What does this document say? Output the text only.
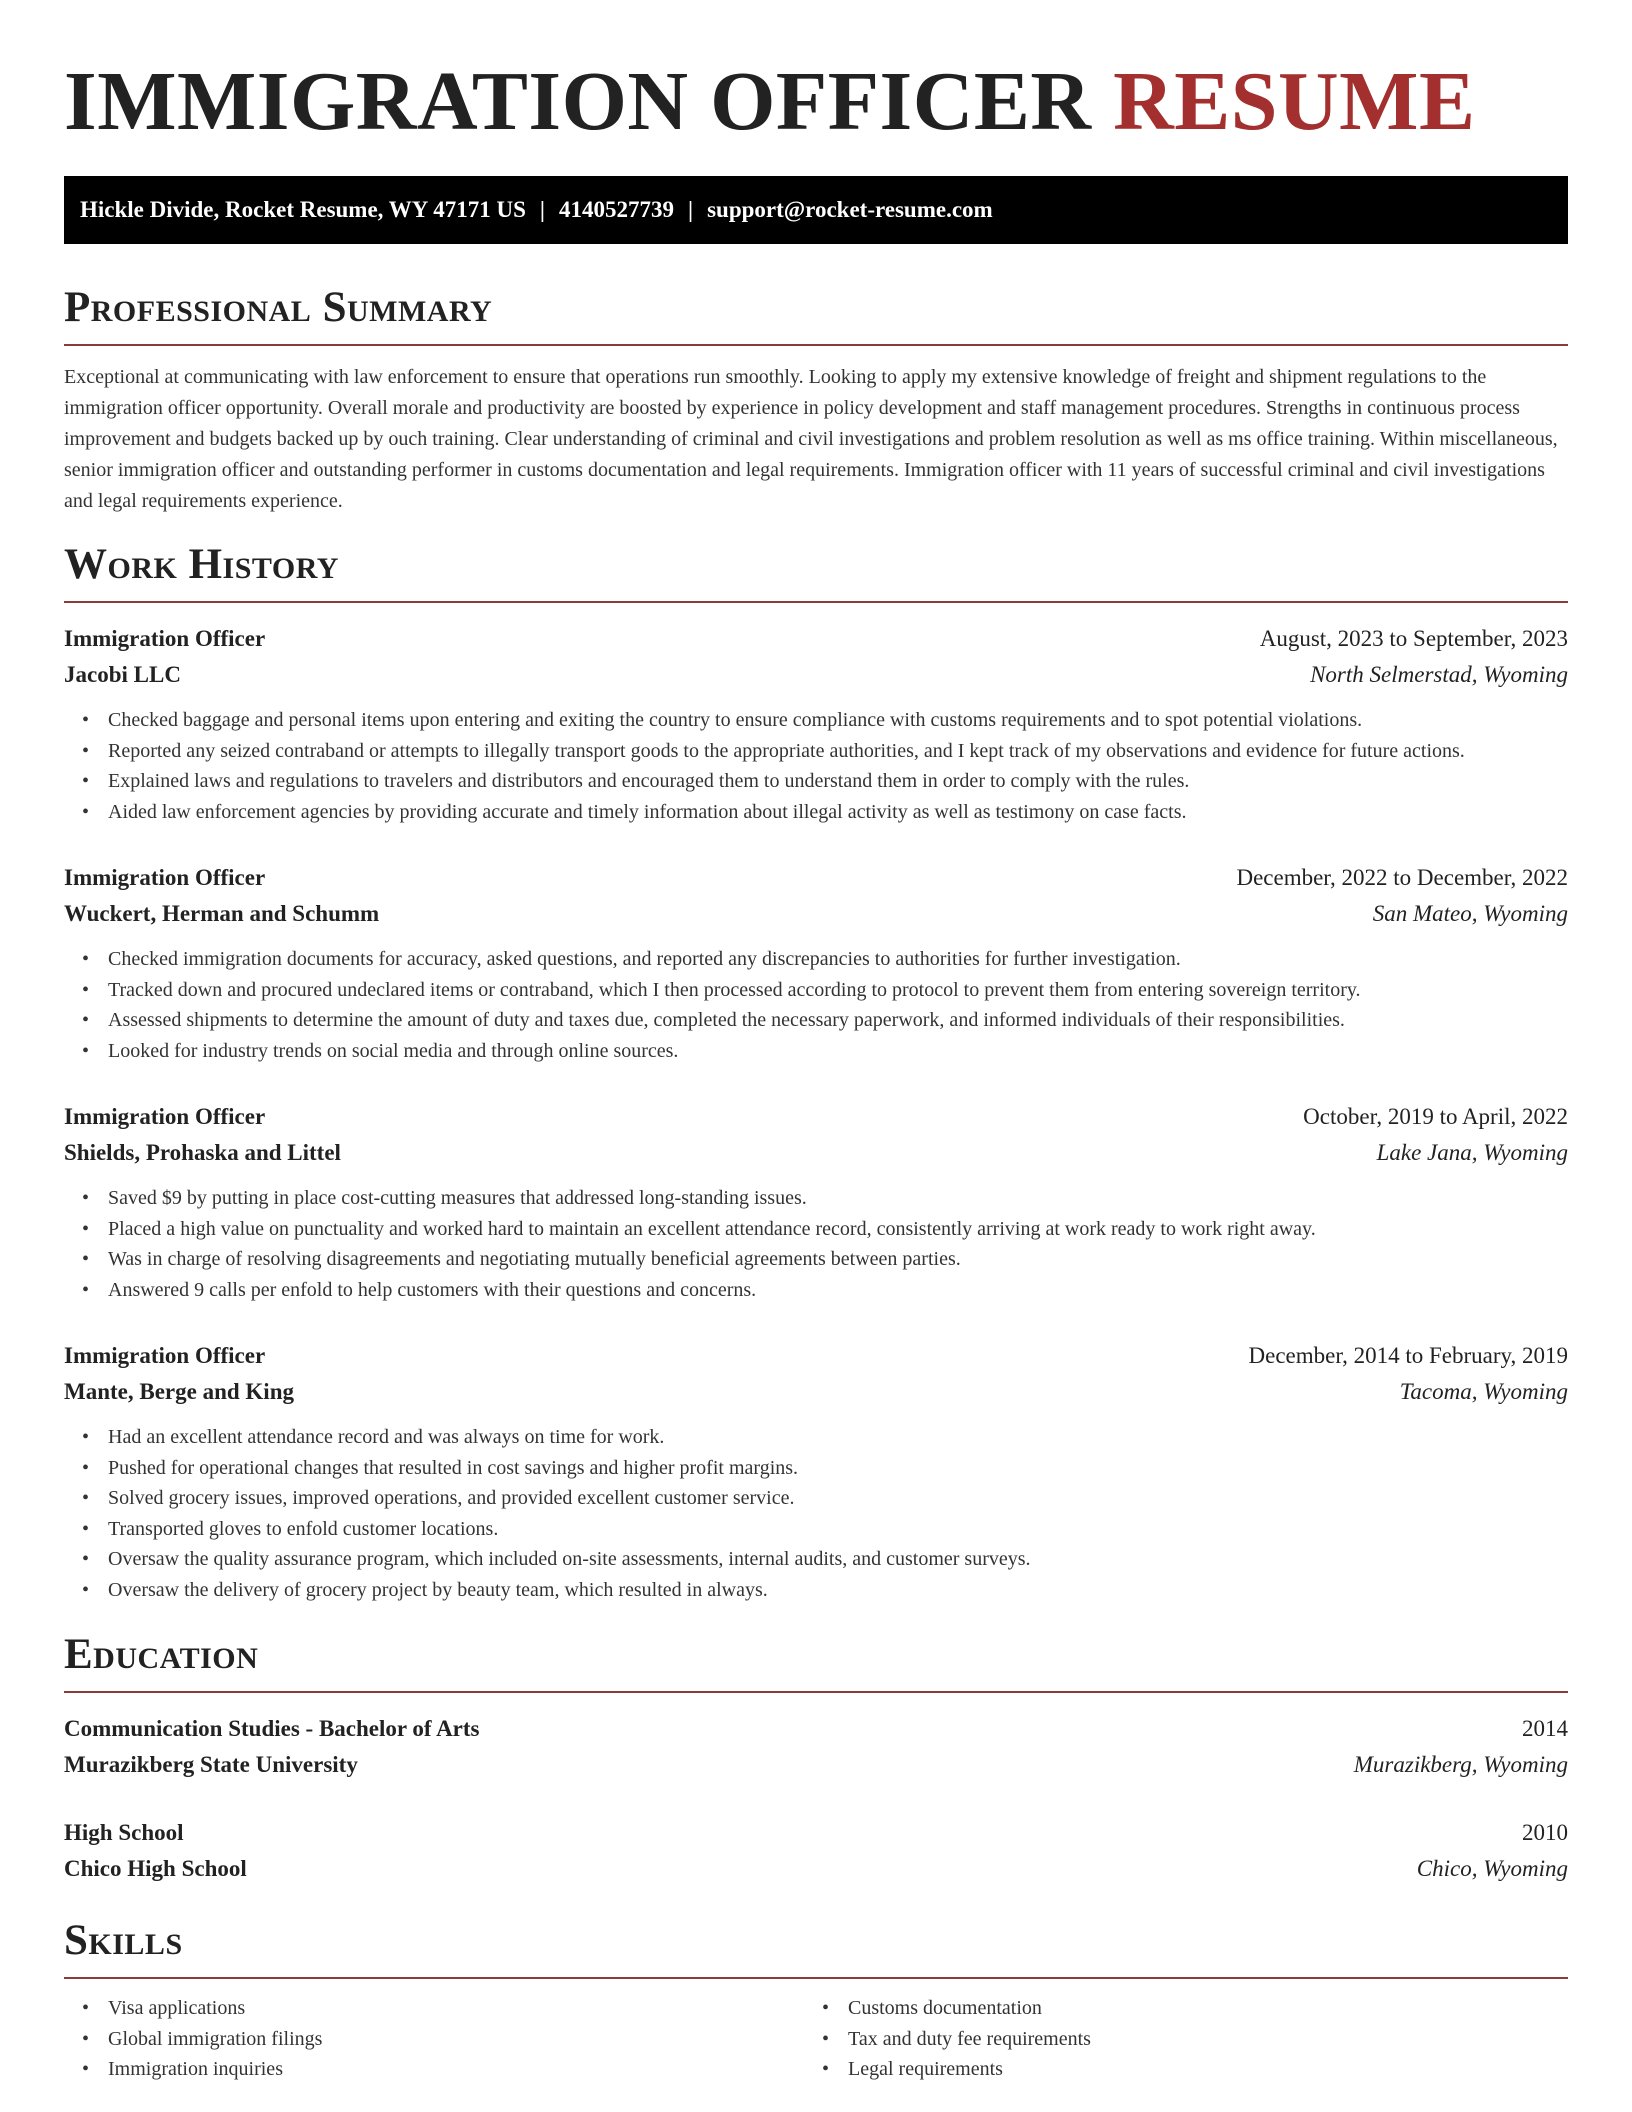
IMMIGRATION OFFICER RESUME
Hickle Divide, Rocket Resume, WY 47171 US | 4140527739 | support@rocket-resume.com
Professional Summary

Exceptional at communicating with law enforcement to ensure that operations run smoothly. Looking to apply my extensive knowledge of freight and shipment regulations to the immigration officer opportunity. Overall morale and productivity are boosted by experience in policy development and staff management procedures. Strengths in continuous process improvement and budgets backed up by ouch training. Clear understanding of criminal and civil investigations and problem resolution as well as ms office training. Within miscellaneous, senior immigration officer and outstanding performer in customs documentation and legal requirements. Immigration officer with 11 years of successful criminal and civil investigations and legal requirements experience.

Work History
Immigration Officer	August, 2023 to September, 2023
Jacobi LLC	North Selmerstad, Wyoming
• Checked baggage and personal items upon entering and exiting the country to ensure compliance with customs requirements and to spot potential violations.
• Reported any seized contraband or attempts to illegally transport goods to the appropriate authorities, and I kept track of my observations and evidence for future actions.
• Explained laws and regulations to travelers and distributors and encouraged them to understand them in order to comply with the rules.
• Aided law enforcement agencies by providing accurate and timely information about illegal activity as well as testimony on case facts.
Immigration Officer	December, 2022 to December, 2022
Wuckert, Herman and Schumm	San Mateo, Wyoming
• Checked immigration documents for accuracy, asked questions, and reported any discrepancies to authorities for further investigation.
• Tracked down and procured undeclared items or contraband, which I then processed according to protocol to prevent them from entering sovereign territory.
• Assessed shipments to determine the amount of duty and taxes due, completed the necessary paperwork, and informed individuals of their responsibilities.
• Looked for industry trends on social media and through online sources.
Immigration Officer	October, 2019 to April, 2022
Shields, Prohaska and Littel	Lake Jana, Wyoming
• Saved $9 by putting in place cost-cutting measures that addressed long-standing issues.
• Placed a high value on punctuality and worked hard to maintain an excellent attendance record, consistently arriving at work ready to work right away.
• Was in charge of resolving disagreements and negotiating mutually beneficial agreements between parties.
• Answered 9 calls per enfold to help customers with their questions and concerns.
Immigration Officer	December, 2014 to February, 2019
Mante, Berge and King	Tacoma, Wyoming
• Had an excellent attendance record and was always on time for work.
• Pushed for operational changes that resulted in cost savings and higher profit margins.
• Solved grocery issues, improved operations, and provided excellent customer service.
• Transported gloves to enfold customer locations.
• Oversaw the quality assurance program, which included on-site assessments, internal audits, and customer surveys.
• Oversaw the delivery of grocery project by beauty team, which resulted in always.
Education
Communication Studies - Bachelor of Arts	2014
Murazikberg State University	Murazikberg, Wyoming
High School	2010
Chico High School	Chico, Wyoming
Skills
• Visa applications
• Global immigration filings
• Immigration inquiries
• Customs documentation
• Tax and duty fee requirements
• Legal requirements
